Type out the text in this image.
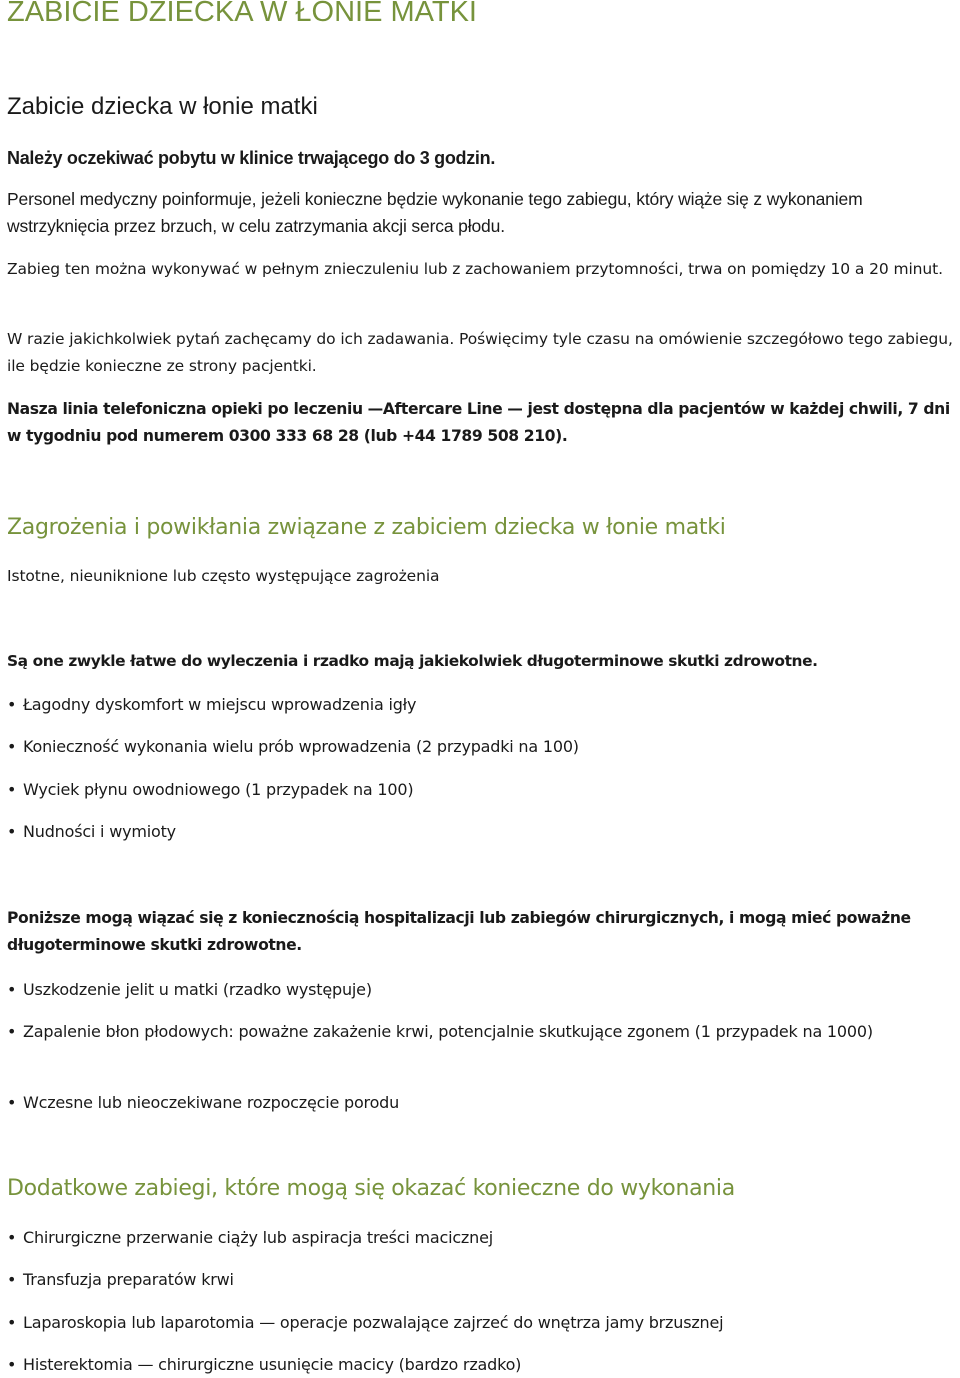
ZABICIE DZIECKA W ŁONIE MATKI
Zabicie dziecka w łonie matki

Należy oczekiwać pobytu w klinice trwającego do 3 godzin.

Personel medyczny poinformuje, jeżeli konieczne będzie wykonanie tego zabiegu, który wiąże się z wykonaniem wstrzyknięcia przez brzuch, w celu zatrzymania akcji serca płodu.

Zabieg ten można wykonywać w pełnym znieczuleniu lub z zachowaniem przytomności, trwa on pomiędzy 10 a 20 minut.

W razie jakichkolwiek pytań zachęcamy do ich zadawania. Poświęcimy tyle czasu na omówienie szczegółowo tego zabiegu, ile będzie konieczne ze strony pacjentki.

Nasza linia telefoniczna opieki po leczeniu —Aftercare Line — jest dostępna dla pacjentów w każdej chwili, 7 dni w tygodniu pod numerem 0300 333 68 28 (lub +44 1789 508 210).

Zagrożenia i powikłania związane z zabiciem dziecka w łonie matki

Istotne, nieuniknione lub często występujące zagrożenia

Są one zwykle łatwe do wyleczenia i rzadko mają jakiekolwiek długoterminowe skutki zdrowotne.

• Łagodny dyskomfort w miejscu wprowadzenia igły

• Konieczność wykonania wielu prób wprowadzenia (2 przypadki na 100)

• Wyciek płynu owodniowego (1 przypadek na 100)

• Nudności i wymioty

Poniższe mogą wiązać się z koniecznością hospitalizacji lub zabiegów chirurgicznych, i mogą mieć poważne długoterminowe skutki zdrowotne.

• Uszkodzenie jelit u matki (rzadko występuje)

• Zapalenie błon płodowych: poważne zakażenie krwi, potencjalnie skutkujące zgonem (1 przypadek na 1000)

• Wczesne lub nieoczekiwane rozpoczęcie porodu

Dodatkowe zabiegi, które mogą się okazać konieczne do wykonania

• Chirurgiczne przerwanie ciąży lub aspiracja treści macicznej

• Transfuzja preparatów krwi

• Laparoskopia lub laparotomia — operacje pozwalające zajrzeć do wnętrza jamy brzusznej

• Histerektomia — chirurgiczne usunięcie macicy (bardzo rzadko)
